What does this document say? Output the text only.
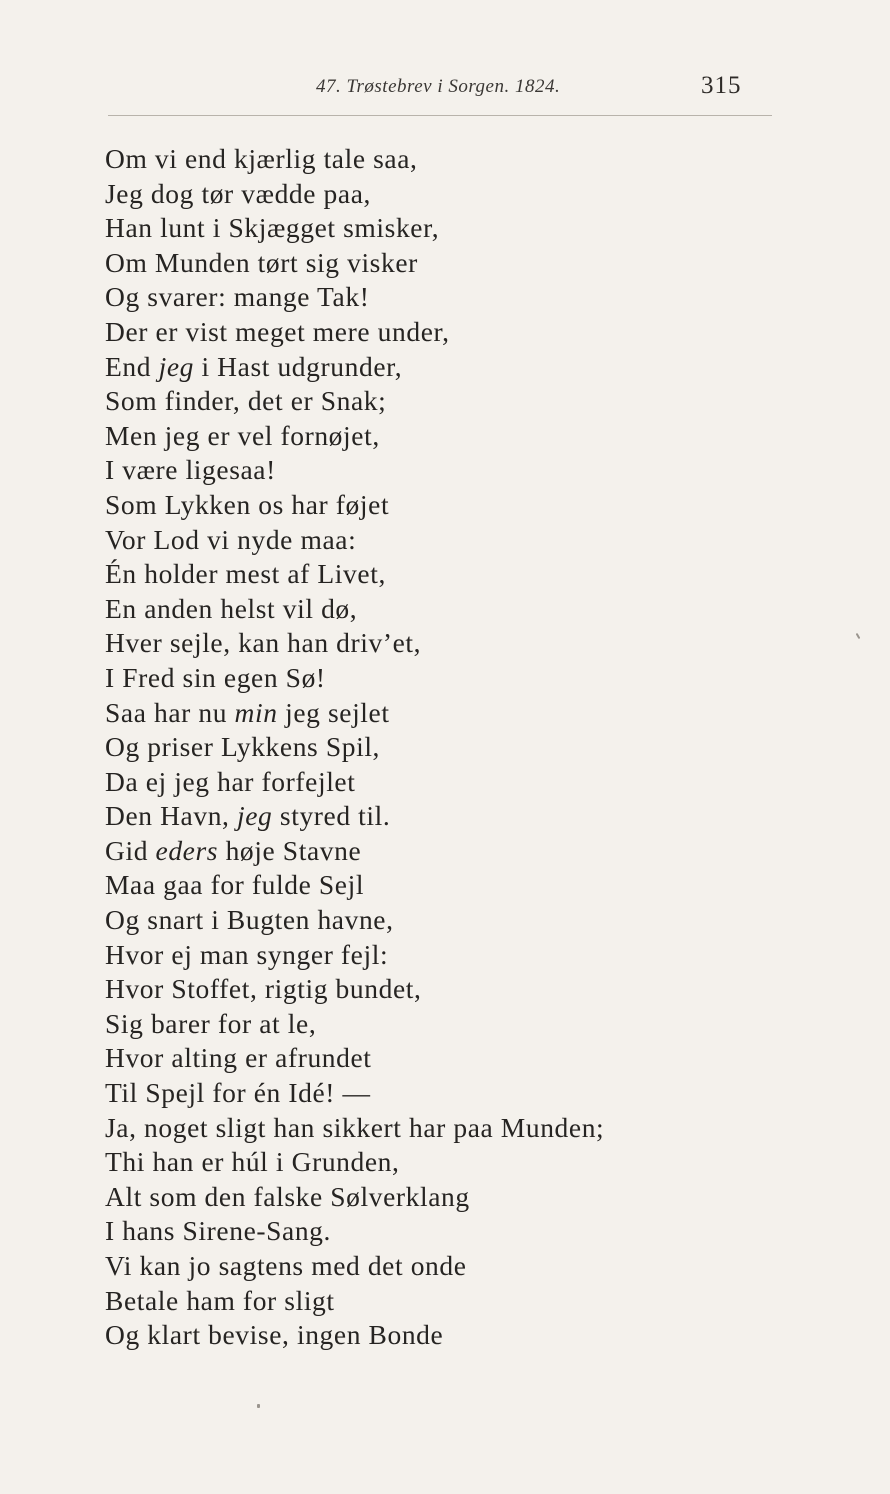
47. Trøstebrev i Sorgen. 1824.	315
Om vi end kjærlig tale saa,
Jeg dog tør vædde paa,
Han lunt i Skjægget smisker,
Om Munden tørt sig visker
Og svarer: mange Tak!
Der er vist meget mere under,
End jeg i Hast udgrunder,
Som finder, det er Snak;
Men jeg er vel fornøjet,
I være ligesaa!
Som Lykken os har føjet
Vor Lod vi nyde maa:
Én holder mest af Livet,
En anden helst vil dø,
Hver sejle, kan han driv’et,
I Fred sin egen Sø!
Saa har nu min jeg sejlet
Og priser Lykkens Spil,
Da ej jeg har forfejlet
Den Havn, jeg styred til.
Gid eders høje Stavne
Maa gaa for fulde Sejl
Og snart i Bugten havne,
Hvor ej man synger fejl:
Hvor Stoffet, rigtig bundet,
Sig barer for at le,
Hvor alting er afrundet
Til Spejl for én Idé! —
Ja, noget sligt han sikkert har paa Munden;
Thi han er húl i Grunden,
Alt som den falske Sølverklang
I hans Sirene-Sang.
Vi kan jo sagtens med det onde
Betale ham for sligt
Og klart bevise, ingen Bonde
